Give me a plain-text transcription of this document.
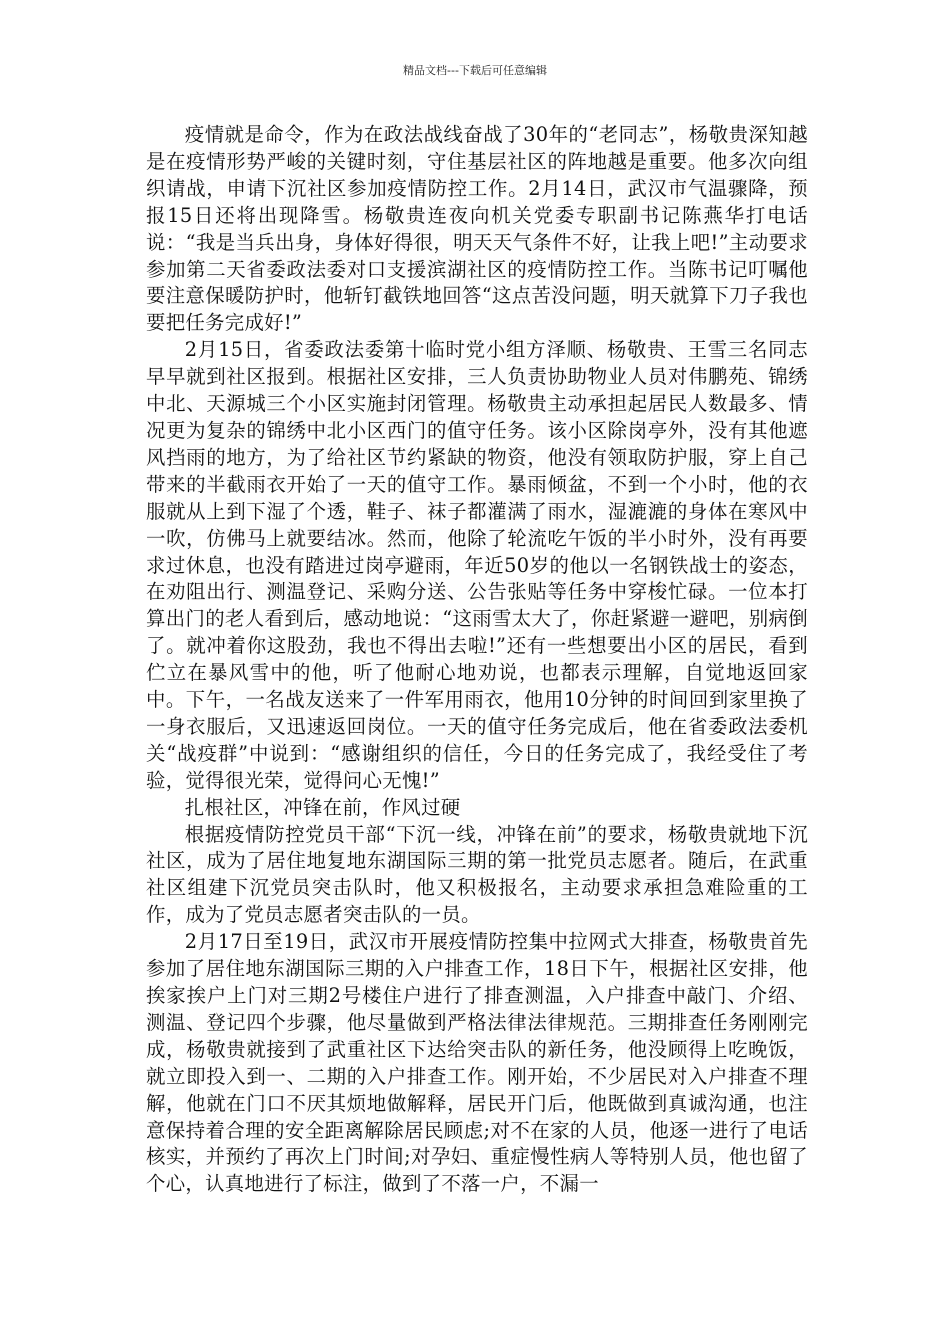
精品文档---下载后可任意编辑

疫情就是命令，作为在政法战线奋战了30年的“老同志”，杨敬贵深知越是在疫情形势严峻的关键时刻，守住基层社区的阵地越是重要。他多次向组织请战，申请下沉社区参加疫情防控工作。2月14日，武汉市气温骤降，预报15日还将出现降雪。杨敬贵连夜向机关党委专职副书记陈燕华打电话说：“我是当兵出身，身体好得很，明天天气条件不好，让我上吧!”主动要求参加第二天省委政法委对口支援滨湖社区的疫情防控工作。当陈书记叮嘱他要注意保暖防护时，他斩钉截铁地回答“这点苦没问题，明天就算下刀子我也要把任务完成好!”

2月15日，省委政法委第十临时党小组方泽顺、杨敬贵、王雪三名同志早早就到社区报到。根据社区安排，三人负责协助物业人员对伟鹏苑、锦绣中北、天源城三个小区实施封闭管理。杨敬贵主动承担起居民人数最多、情况更为复杂的锦绣中北小区西门的值守任务。该小区除岗亭外，没有其他遮风挡雨的地方，为了给社区节约紧缺的物资，他没有领取防护服，穿上自己带来的半截雨衣开始了一天的值守工作。暴雨倾盆，不到一个小时，他的衣服就从上到下湿了个透，鞋子、袜子都灌满了雨水，湿漉漉的身体在寒风中一吹，仿佛马上就要结冰。然而，他除了轮流吃午饭的半小时外，没有再要求过休息，也没有踏进过岗亭避雨，年近50岁的他以一名钢铁战士的姿态，在劝阻出行、测温登记、采购分送、公告张贴等任务中穿梭忙碌。一位本打算出门的老人看到后，感动地说：“这雨雪太大了，你赶紧避一避吧，别病倒了。就冲着你这股劲，我也不得出去啦!”还有一些想要出小区的居民，看到伫立在暴风雪中的他，听了他耐心地劝说，也都表示理解，自觉地返回家中。下午，一名战友送来了一件军用雨衣，他用10分钟的时间回到家里换了一身衣服后，又迅速返回岗位。一天的值守任务完成后，他在省委政法委机关“战疫群”中说到：“感谢组织的信任，今日的任务完成了，我经受住了考验，觉得很光荣，觉得问心无愧!”

扎根社区，冲锋在前，作风过硬

根据疫情防控党员干部“下沉一线，冲锋在前”的要求，杨敬贵就地下沉社区，成为了居住地复地东湖国际三期的第一批党员志愿者。随后，在武重社区组建下沉党员突击队时，他又积极报名，主动要求承担急难险重的工作，成为了党员志愿者突击队的一员。

2月17日至19日，武汉市开展疫情防控集中拉网式大排查，杨敬贵首先参加了居住地东湖国际三期的入户排查工作，18日下午，根据社区安排，他挨家挨户上门对三期2号楼住户进行了排查测温，入户排查中敲门、介绍、测温、登记四个步骤，他尽量做到严格法律法律规范。三期排查任务刚刚完成，杨敬贵就接到了武重社区下达给突击队的新任务，他没顾得上吃晚饭，就立即投入到一、二期的入户排查工作。刚开始，不少居民对入户排查不理解，他就在门口不厌其烦地做解释，居民开门后，他既做到真诚沟通，也注意保持着合理的安全距离解除居民顾虑;对不在家的人员，他逐一进行了电话核实，并预约了再次上门时间;对孕妇、重症慢性病人等特别人员，他也留了个心，认真地进行了标注，做到了不落一户，不漏一
